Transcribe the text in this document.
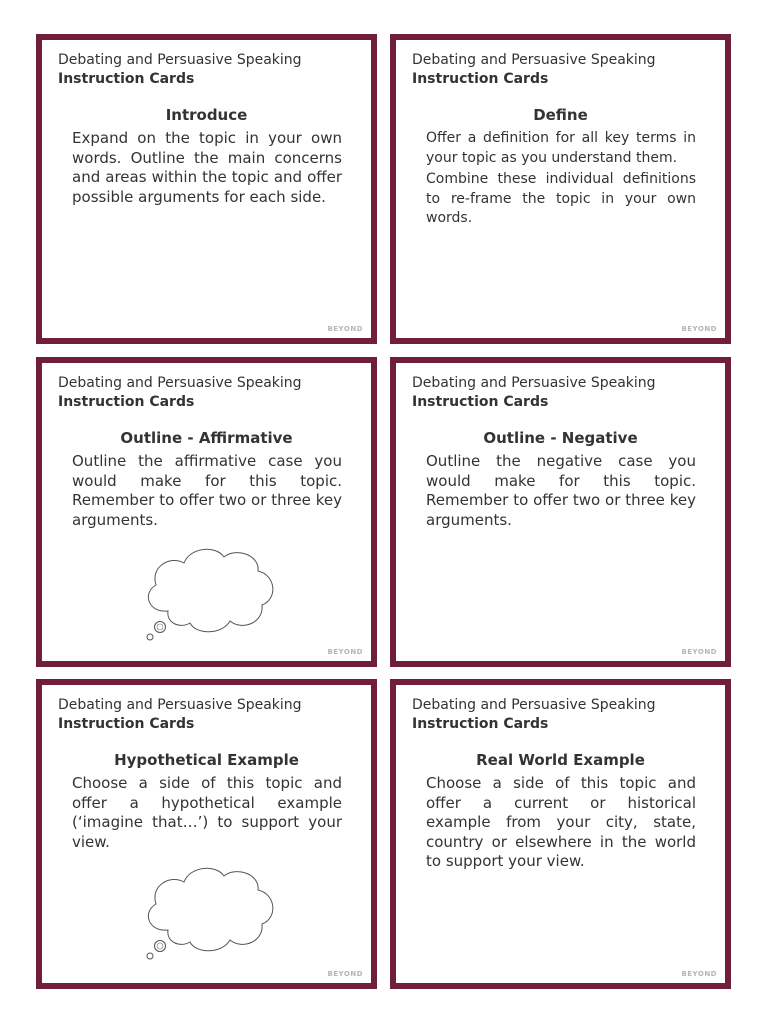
Debating and Persuasive Speaking
Instruction Cards
Introduce

Expand on the topic in your own words. Outline the main concerns and areas within the topic and offer possible arguments for each side.

BEYOND
Debating and Persuasive Speaking
Instruction Cards
Define

Offer a definition for all key terms in your topic as you understand them.

Combine these individual definitions to re-frame the topic in your own words.

BEYOND
Debating and Persuasive Speaking
Instruction Cards
Outline - Affirmative

Outline the affirmative case you would make for this topic. Remember to offer two or three key arguments.

BEYOND
Debating and Persuasive Speaking
Instruction Cards
Outline - Negative

Outline the negative case you would make for this topic. Remember to offer two or three key arguments.

BEYOND
Debating and Persuasive Speaking
Instruction Cards
Hypothetical Example

Choose a side of this topic and offer a hypothetical example (‘imagine that…’) to support your view.

BEYOND
Debating and Persuasive Speaking
Instruction Cards
Real World Example

Choose a side of this topic and offer a current or historical example from your city, state, country or elsewhere in the world to support your view.

BEYOND
